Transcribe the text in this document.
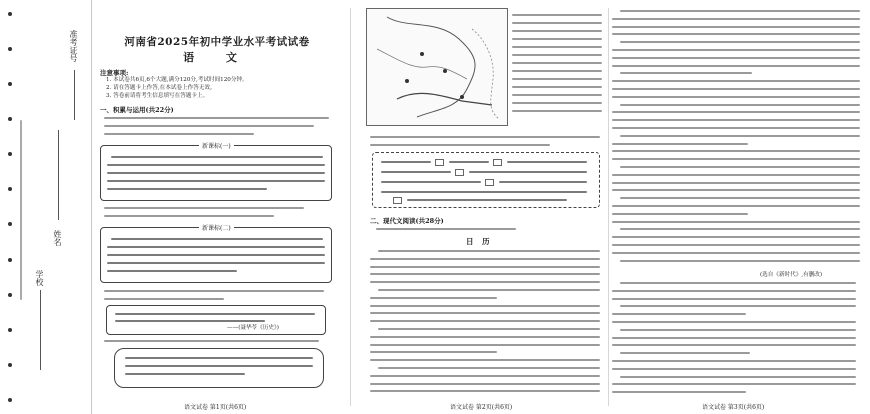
学校
姓名
准考证号	河南省2025年初中学业水平考试试卷
语 文
注意事项:
1. 本试卷共6页,6个大题,满分120分,考试时间120分钟。
2. 请在答题卡上作答,在本试卷上作答无效。
3. 答卷前请将考生信息填写在答题卡上。
一、积累与运用(共22分)
新课标(一)
新课标(二)
——(聂华苓《历史》)
语文试卷 第1页(共6页)
二、现代文阅读(共28分)
日 历
语文试卷 第2页(共6页)
(选自《新时代》,有删改)
语文试卷 第3页(共6页)
